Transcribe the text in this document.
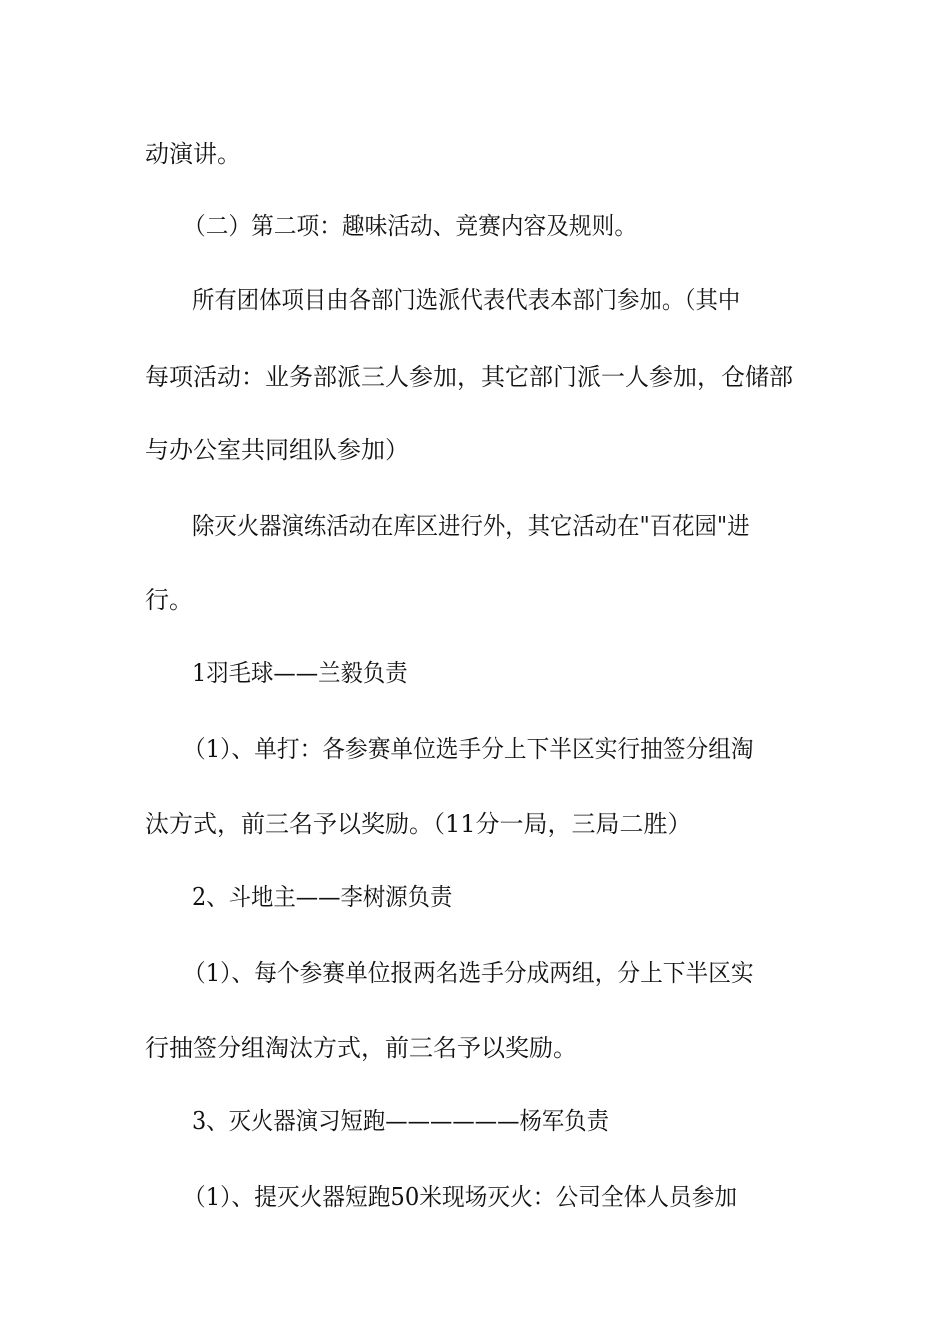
动演讲。
（二）第二项：趣味活动、竞赛内容及规则。
所有团体项目由各部门选派代表代表本部门参加。（其中
每项活动：业务部派三人参加，其它部门派一人参加，仓储部
与办公室共同组队参加）
除灭火器演练活动在库区进行外，其它活动在"百花园"进
行。
1羽毛球——兰毅负责
（1）、单打：各参赛单位选手分上下半区实行抽签分组淘
汰方式，前三名予以奖励。（11分一局，三局二胜）
2、斗地主——李树源负责
（1）、每个参赛单位报两名选手分成两组，分上下半区实
行抽签分组淘汰方式，前三名予以奖励。
3、灭火器演习短跑——————杨军负责
（1）、提灭火器短跑50米现场灭火：公司全体人员参加
